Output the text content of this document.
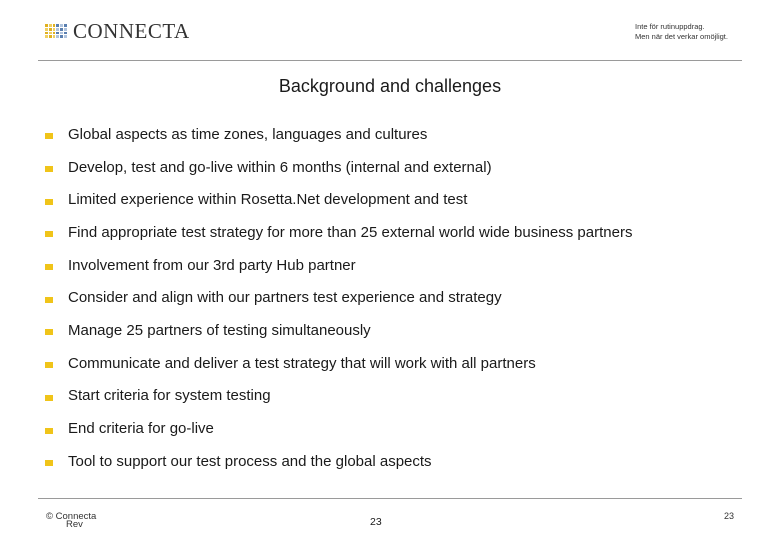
CONNECTA	Inte för rutinuppdrag.
Men när det verkar omöjligt.
Background and challenges
Global aspects as time zones, languages and cultures
Develop, test and go-live within 6 months (internal and external)
Limited experience within Rosetta.Net development and test
Find appropriate test strategy for more than 25 external world wide business partners
Involvement from our 3rd party Hub partner
Consider and align with our partners test experience and strategy
Manage 25 partners of testing simultaneously
Communicate and deliver a test strategy that will work with all partners
Start criteria for system testing
End criteria for go-live
Tool to support our test process and the global aspects
© Connecta
Rev	23	23
